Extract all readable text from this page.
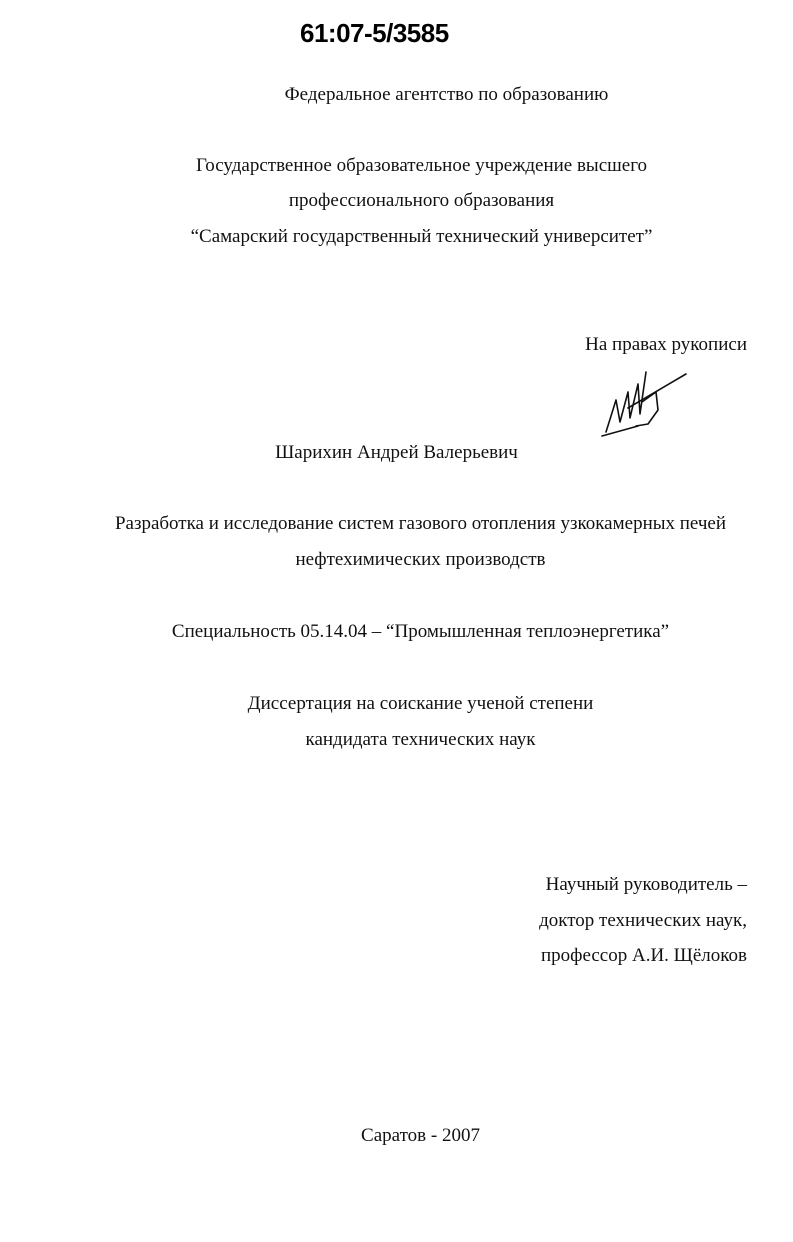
61:07-5/3585
Федеральное агентство по образованию
Государственное образовательное учреждение высшего
профессионального образования
“Самарский государственный технический университет”
На правах рукописи
Шарихин Андрей Валерьевич
Разработка и исследование систем газового отопления узкокамерных печей
нефтехимических производств
Специальность 05.14.04 – “Промышленная теплоэнергетика”
Диссертация на соискание ученой степени
кандидата технических наук
Научный руководитель –
доктор технических наук,
профессор А.И. Щёлоков
Саратов - 2007
